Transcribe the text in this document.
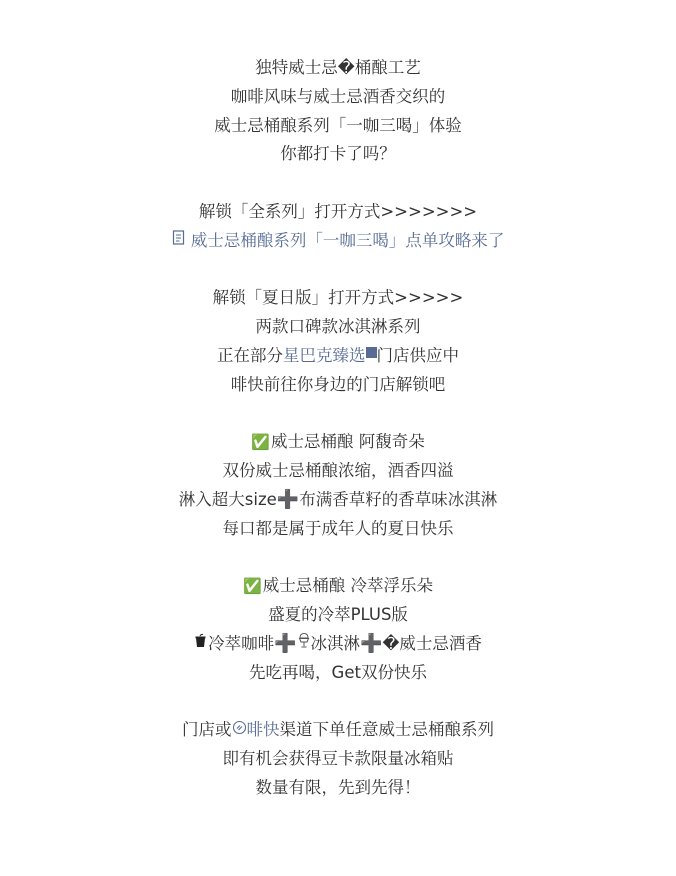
独特威士忌�桶酿工艺
咖啡风味与威士忌酒香交织的
威士忌桶酿系列「一咖三喝」体验
你都打卡了吗？
解锁「全系列」打开方式>>>>>>>
威士忌桶酿系列「一咖三喝」点单攻略来了
解锁「夏日版」打开方式>>>>>
两款口碑款冰淇淋系列
正在部分星巴克臻选 门店供应中
啡快前往你身边的门店解锁吧
✅威士忌桶酿 阿馥奇朵
双份威士忌桶酿浓缩，酒香四溢
淋入超大size➕布满香草籽的香草味冰淇淋
每口都是属于成年人的夏日快乐
✅威士忌桶酿 冷萃浮乐朵
盛夏的冷萃PLUS版
冷萃咖啡➕ 冰淇淋➕�威士忌酒香
先吃再喝，Get双份快乐
门店或 啡快渠道下单任意威士忌桶酿系列
即有机会获得豆卡款限量冰箱贴
数量有限，先到先得！
